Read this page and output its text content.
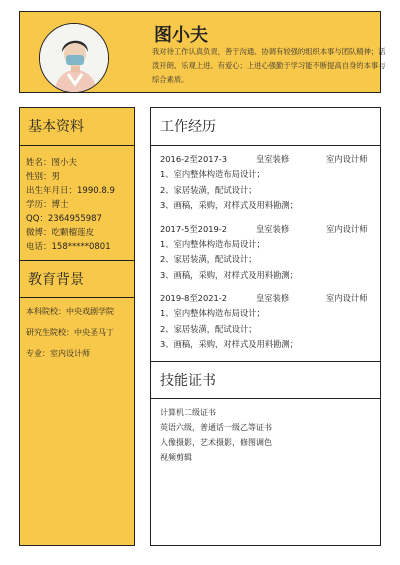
图小夫
我对待工作认真负责，善于沟通、协调有较强的组织本事与团队精神；活泼开朗、乐观上进、有爱心；上进心强勤于学习能不断提高自身的本事与综合素质。
基本资料
姓名：图小夫
性别：男
出生年月日：1990.8.9
学历：博士
QQ：2364955987
微博：吃颗榴莲皮
电话：158*****0801
教育背景
本科院校：中央戏剧学院
研究生院校：中央圣马丁
专业：室内设计师
工作经历
2016-2至2017-3	皇室装修	室内设计师
1、室内整体构造布局设计；
2、家居装潢，配试设计；
3、画稿，采购，对样式及用料勘测；
2017-5至2019-2	皇室装修	室内设计师
1、室内整体构造布局设计；
2、家居装潢，配试设计；
3、画稿，采购，对样式及用料勘测；
2019-8至2021-2	皇室装修	室内设计师
1、室内整体构造布局设计；
2、家居装潢，配试设计；
3、画稿，采购，对样式及用料勘测；
技能证书
计算机二级证书
英语六级，普通话一级乙等证书
人像摄影，艺术摄影，修图调色
视频剪辑
